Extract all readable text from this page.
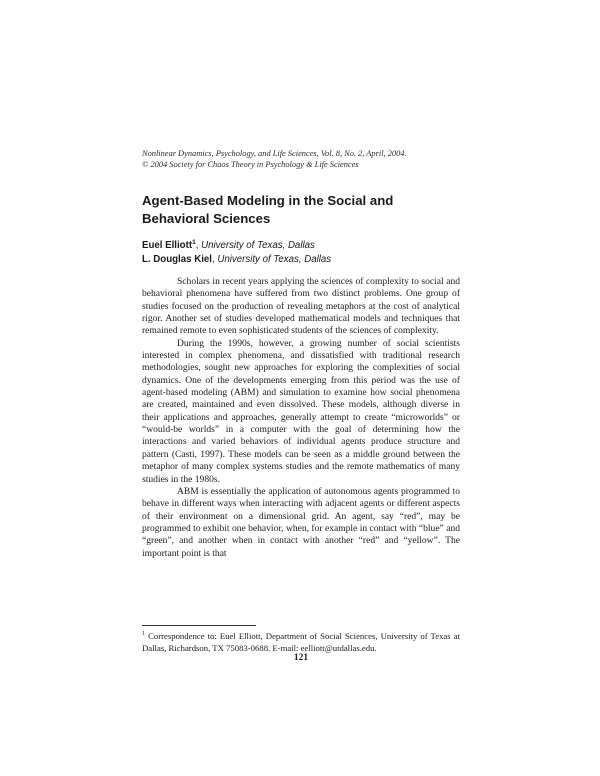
Nonlinear Dynamics, Psychology, and Life Sciences, Vol. 8, No. 2, April, 2004.
© 2004 Society for Chaos Theory in Psychology & Life Sciences
Agent-Based Modeling in the Social and
Behavioral Sciences
Euel Elliott$^1$, University of Texas, Dallas
L. Douglas Kiel, University of Texas, Dallas

Scholars in recent years applying the sciences of complexity to social and behavioral phenomena have suffered from two distinct problems. One group of studies focused on the production of revealing metaphors at the cost of analytical rigor. Another set of studies developed mathematical models and techniques that remained remote to even sophisticated students of the sciences of complexity.

During the 1990s, however, a growing number of social scientists interested in complex phenomena, and dissatisfied with traditional research methodologies, sought new approaches for exploring the complexities of social dynamics. One of the developments emerging from this period was the use of agent-based modeling (ABM) and simulation to examine how social phenomena are created, maintained and even dissolved. These models, although diverse in their applications and approaches, generally attempt to create “microworlds” or “would-be worlds” in a computer with the goal of determining how the interactions and varied behaviors of individual agents produce structure and pattern (Casti, 1997). These models can be seen as a middle ground between the metaphor of many complex systems studies and the remote mathematics of many studies in the 1980s.

ABM is essentially the application of autonomous agents programmed to behave in different ways when interacting with adjacent agents or different aspects of their environment on a dimensional grid. An agent, say “red”, may be programmed to exhibit one behavior, when, for example in contact with “blue” and “green”, and another when in contact with another “red” and “yellow”. The important point is that

$^1$ Correspondence to: Euel Elliott, Department of Social Sciences, University of Texas at Dallas, Richardson, TX 75083-0688. E-mail: eelliott@utdallas.edu.
121
